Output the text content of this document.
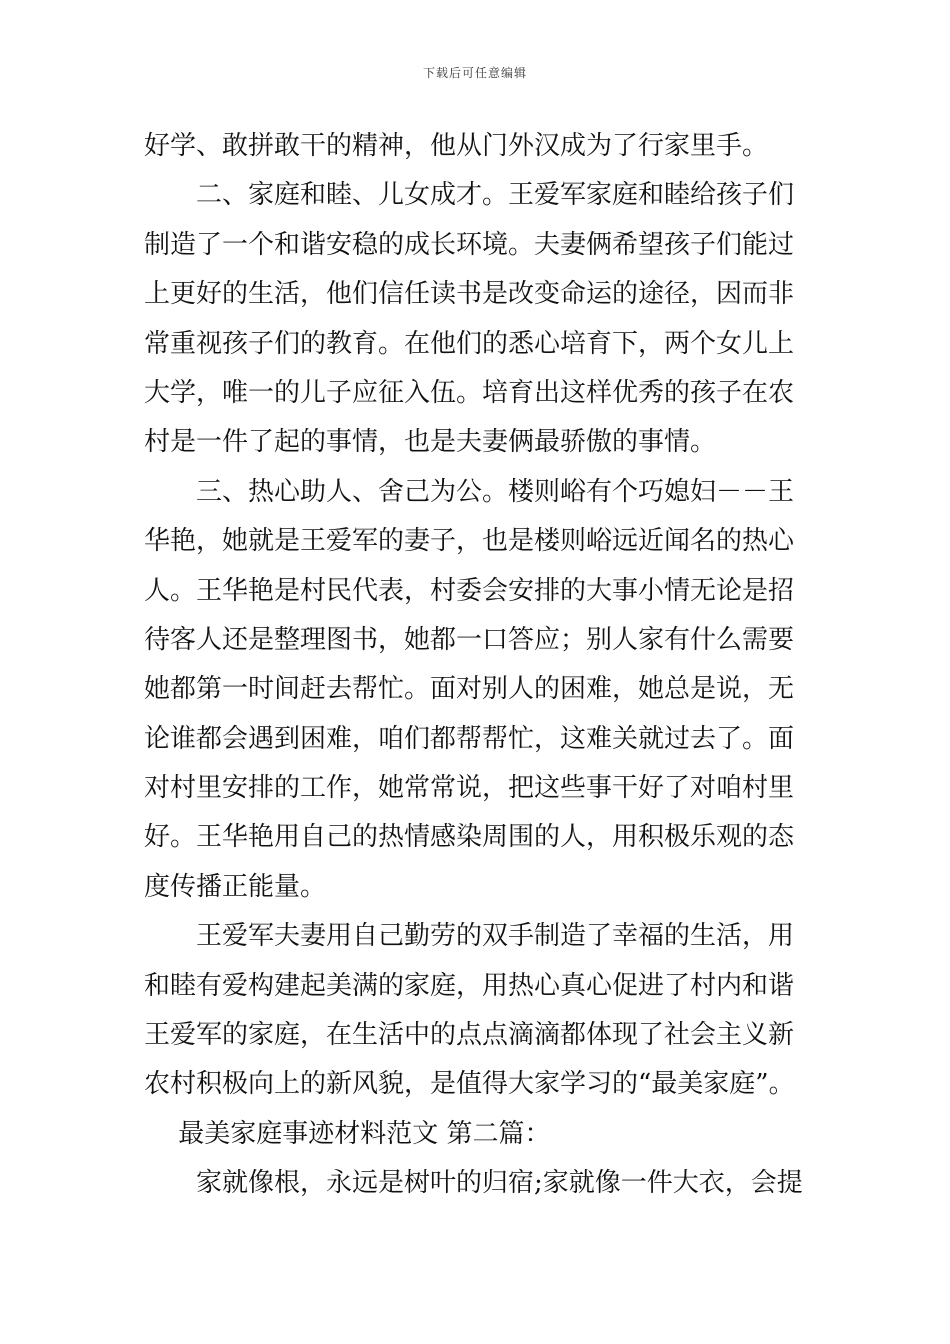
下载后可任意编辑
好学、敢拼敢干的精神，他从门外汉成为了行家里手。
　　二、家庭和睦、儿女成才。王爱军家庭和睦给孩子们
制造了一个和谐安稳的成长环境。夫妻俩希望孩子们能过
上更好的生活，他们信任读书是改变命运的途径，因而非
常重视孩子们的教育。在他们的悉心培育下，两个女儿上
大学，唯一的儿子应征入伍。培育出这样优秀的孩子在农
村是一件了起的事情，也是夫妻俩最骄傲的事情。
　　三、热心助人、舍己为公。楼则峪有个巧媳妇－－王
华艳，她就是王爱军的妻子，也是楼则峪远近闻名的热心
人。王华艳是村民代表，村委会安排的大事小情无论是招
待客人还是整理图书，她都一口答应；别人家有什么需要
她都第一时间赶去帮忙。面对别人的困难，她总是说，无
论谁都会遇到困难，咱们都帮帮忙，这难关就过去了。面
对村里安排的工作，她常常说，把这些事干好了对咱村里
好。王华艳用自己的热情感染周围的人，用积极乐观的态
度传播正能量。
　　王爱军夫妻用自己勤劳的双手制造了幸福的生活，用
和睦有爱构建起美满的家庭，用热心真心促进了村内和谐
王爱军的家庭，在生活中的点点滴滴都体现了社会主义新
农村积极向上的新风貌，是值得大家学习的“最美家庭”。
　 最美家庭事迹材料范文 第二篇：
　　家就像根，永远是树叶的归宿;家就像一件大衣，会提
